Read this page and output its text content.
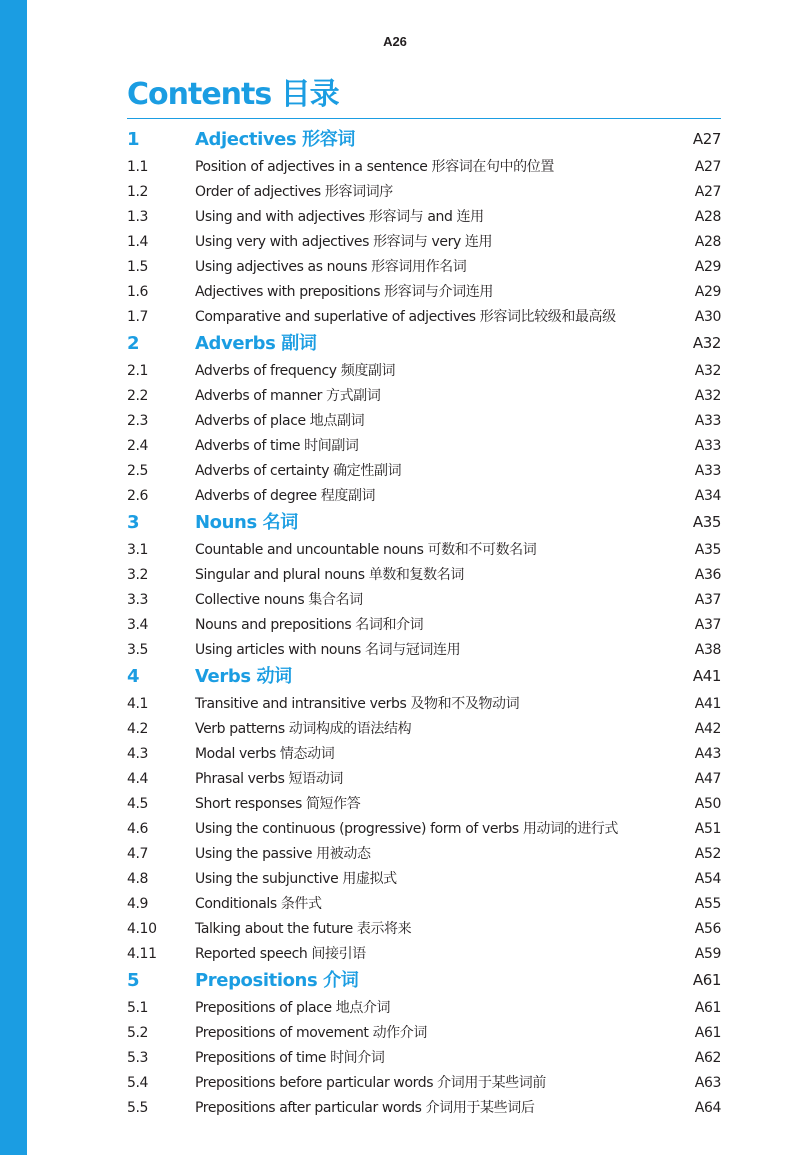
A26
Contents 目录
1	Adjectives 形容词	A27
1.1	Position of adjectives in a sentence 形容词在句中的位置	A27
1.2	Order of adjectives 形容词词序	A27
1.3	Using and with adjectives 形容词与 and 连用	A28
1.4	Using very with adjectives 形容词与 very 连用	A28
1.5	Using adjectives as nouns 形容词用作名词	A29
1.6	Adjectives with prepositions 形容词与介词连用	A29
1.7	Comparative and superlative of adjectives 形容词比较级和最高级	A30
2	Adverbs 副词	A32
2.1	Adverbs of frequency 频度副词	A32
2.2	Adverbs of manner 方式副词	A32
2.3	Adverbs of place 地点副词	A33
2.4	Adverbs of time 时间副词	A33
2.5	Adverbs of certainty 确定性副词	A33
2.6	Adverbs of degree 程度副词	A34
3	Nouns 名词	A35
3.1	Countable and uncountable nouns 可数和不可数名词	A35
3.2	Singular and plural nouns 单数和复数名词	A36
3.3	Collective nouns 集合名词	A37
3.4	Nouns and prepositions 名词和介词	A37
3.5	Using articles with nouns 名词与冠词连用	A38
4	Verbs 动词	A41
4.1	Transitive and intransitive verbs 及物和不及物动词	A41
4.2	Verb patterns 动词构成的语法结构	A42
4.3	Modal verbs 情态动词	A43
4.4	Phrasal verbs 短语动词	A47
4.5	Short responses 简短作答	A50
4.6	Using the continuous (progressive) form of verbs 用动词的进行式	A51
4.7	Using the passive 用被动态	A52
4.8	Using the subjunctive 用虚拟式	A54
4.9	Conditionals 条件式	A55
4.10	Talking about the future 表示将来	A56
4.11	Reported speech 间接引语	A59
5	Prepositions 介词	A61
5.1	Prepositions of place 地点介词	A61
5.2	Prepositions of movement 动作介词	A61
5.3	Prepositions of time 时间介词	A62
5.4	Prepositions before particular words 介词用于某些词前	A63
5.5	Prepositions after particular words 介词用于某些词后	A64
